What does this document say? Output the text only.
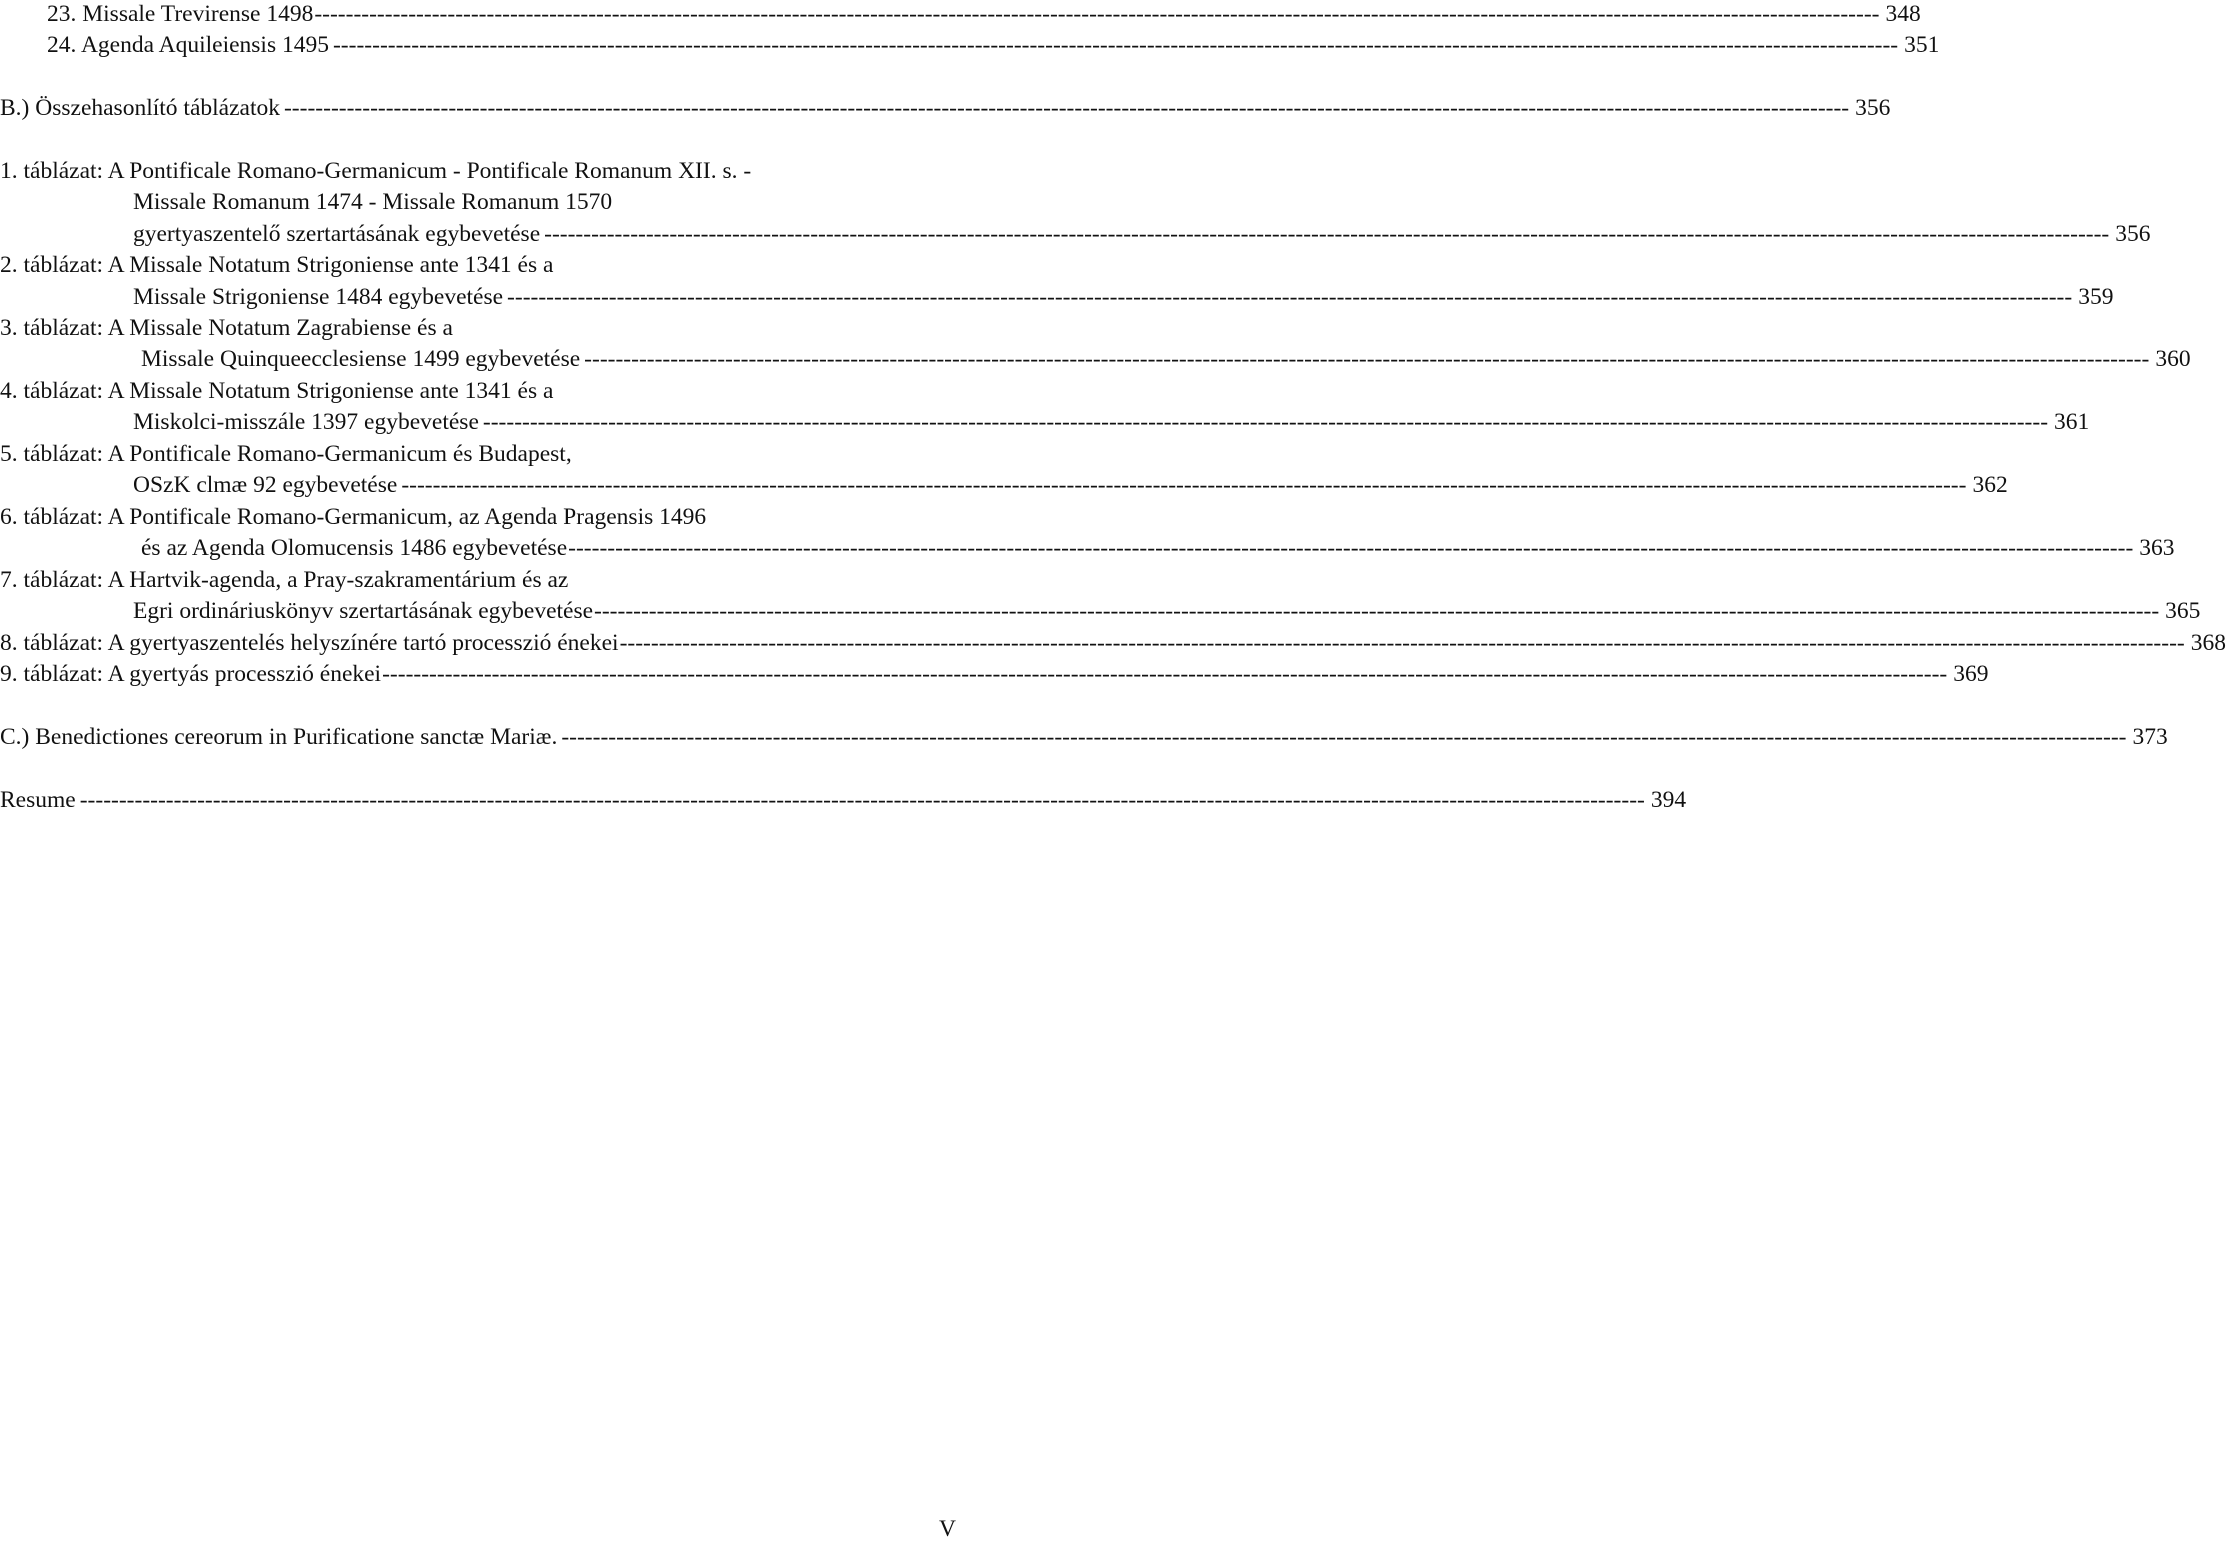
23. Missale Trevirense 1498 -------------------------------------------------------------------------------------------------------------------------------------------------------------------------------------------------------- 348
24. Agenda Aquileiensis 1495 -------------------------------------------------------------------------------------------------------------------------------------------------------------------------------------------------------- 351
B.) Összehasonlító táblázatok -------------------------------------------------------------------------------------------------------------------------------------------------------------------------------------------------------- 356
1. táblázat: A Pontificale Romano-Germanicum - Pontificale Romanum XII. s. -
Missale Romanum 1474 - Missale Romanum 1570
gyertyaszentelő szertartásának egybevetése -------------------------------------------------------------------------------------------------------------------------------------------------------------------------------------------------------- 356
2. táblázat: A Missale Notatum Strigoniense ante 1341 és a
Missale Strigoniense 1484 egybevetése -------------------------------------------------------------------------------------------------------------------------------------------------------------------------------------------------------- 359
3. táblázat: A Missale Notatum Zagrabiense és a
Missale Quinqueecclesiense 1499 egybevetése -------------------------------------------------------------------------------------------------------------------------------------------------------------------------------------------------------- 360
4. táblázat: A Missale Notatum Strigoniense ante 1341 és a
Miskolci-misszále 1397 egybevetése -------------------------------------------------------------------------------------------------------------------------------------------------------------------------------------------------------- 361
5. táblázat: A Pontificale Romano-Germanicum és Budapest,
OSzK clmæ 92 egybevetése -------------------------------------------------------------------------------------------------------------------------------------------------------------------------------------------------------- 362
6. táblázat: A Pontificale Romano-Germanicum, az Agenda Pragensis 1496
és az Agenda Olomucensis 1486 egybevetése -------------------------------------------------------------------------------------------------------------------------------------------------------------------------------------------------------- 363
7. táblázat: A Hartvik-agenda, a Pray-szakramentárium és az
Egri ordináriuskönyv szertartásának egybevetése -------------------------------------------------------------------------------------------------------------------------------------------------------------------------------------------------------- 365
8. táblázat: A gyertyaszentelés helyszínére tartó processzió énekei -------------------------------------------------------------------------------------------------------------------------------------------------------------------------------------------------------- 368
9. táblázat: A gyertyás processzió énekei -------------------------------------------------------------------------------------------------------------------------------------------------------------------------------------------------------- 369
C.) Benedictiones cereorum in Purificatione sanctæ Mariæ. -------------------------------------------------------------------------------------------------------------------------------------------------------------------------------------------------------- 373
Resume -------------------------------------------------------------------------------------------------------------------------------------------------------------------------------------------------------- 394
V
